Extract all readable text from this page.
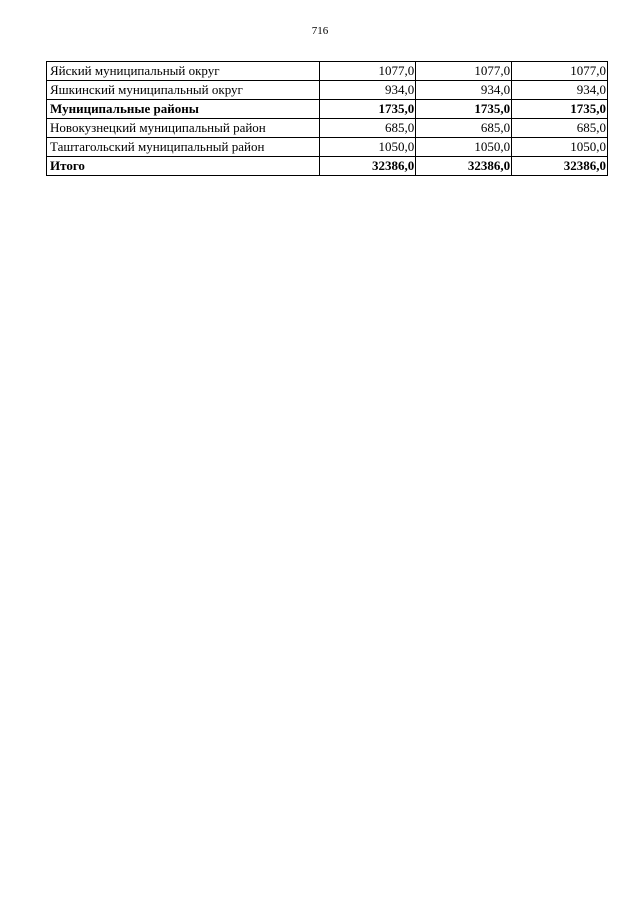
716
Яйский муниципальный округ	1077,0	1077,0	1077,0
Яшкинский муниципальный округ	934,0	934,0	934,0
Муниципальные районы	1735,0	1735,0	1735,0
Новокузнецкий муниципальный район	685,0	685,0	685,0
Таштагольский муниципальный район	1050,0	1050,0	1050,0
Итого	32386,0	32386,0	32386,0
